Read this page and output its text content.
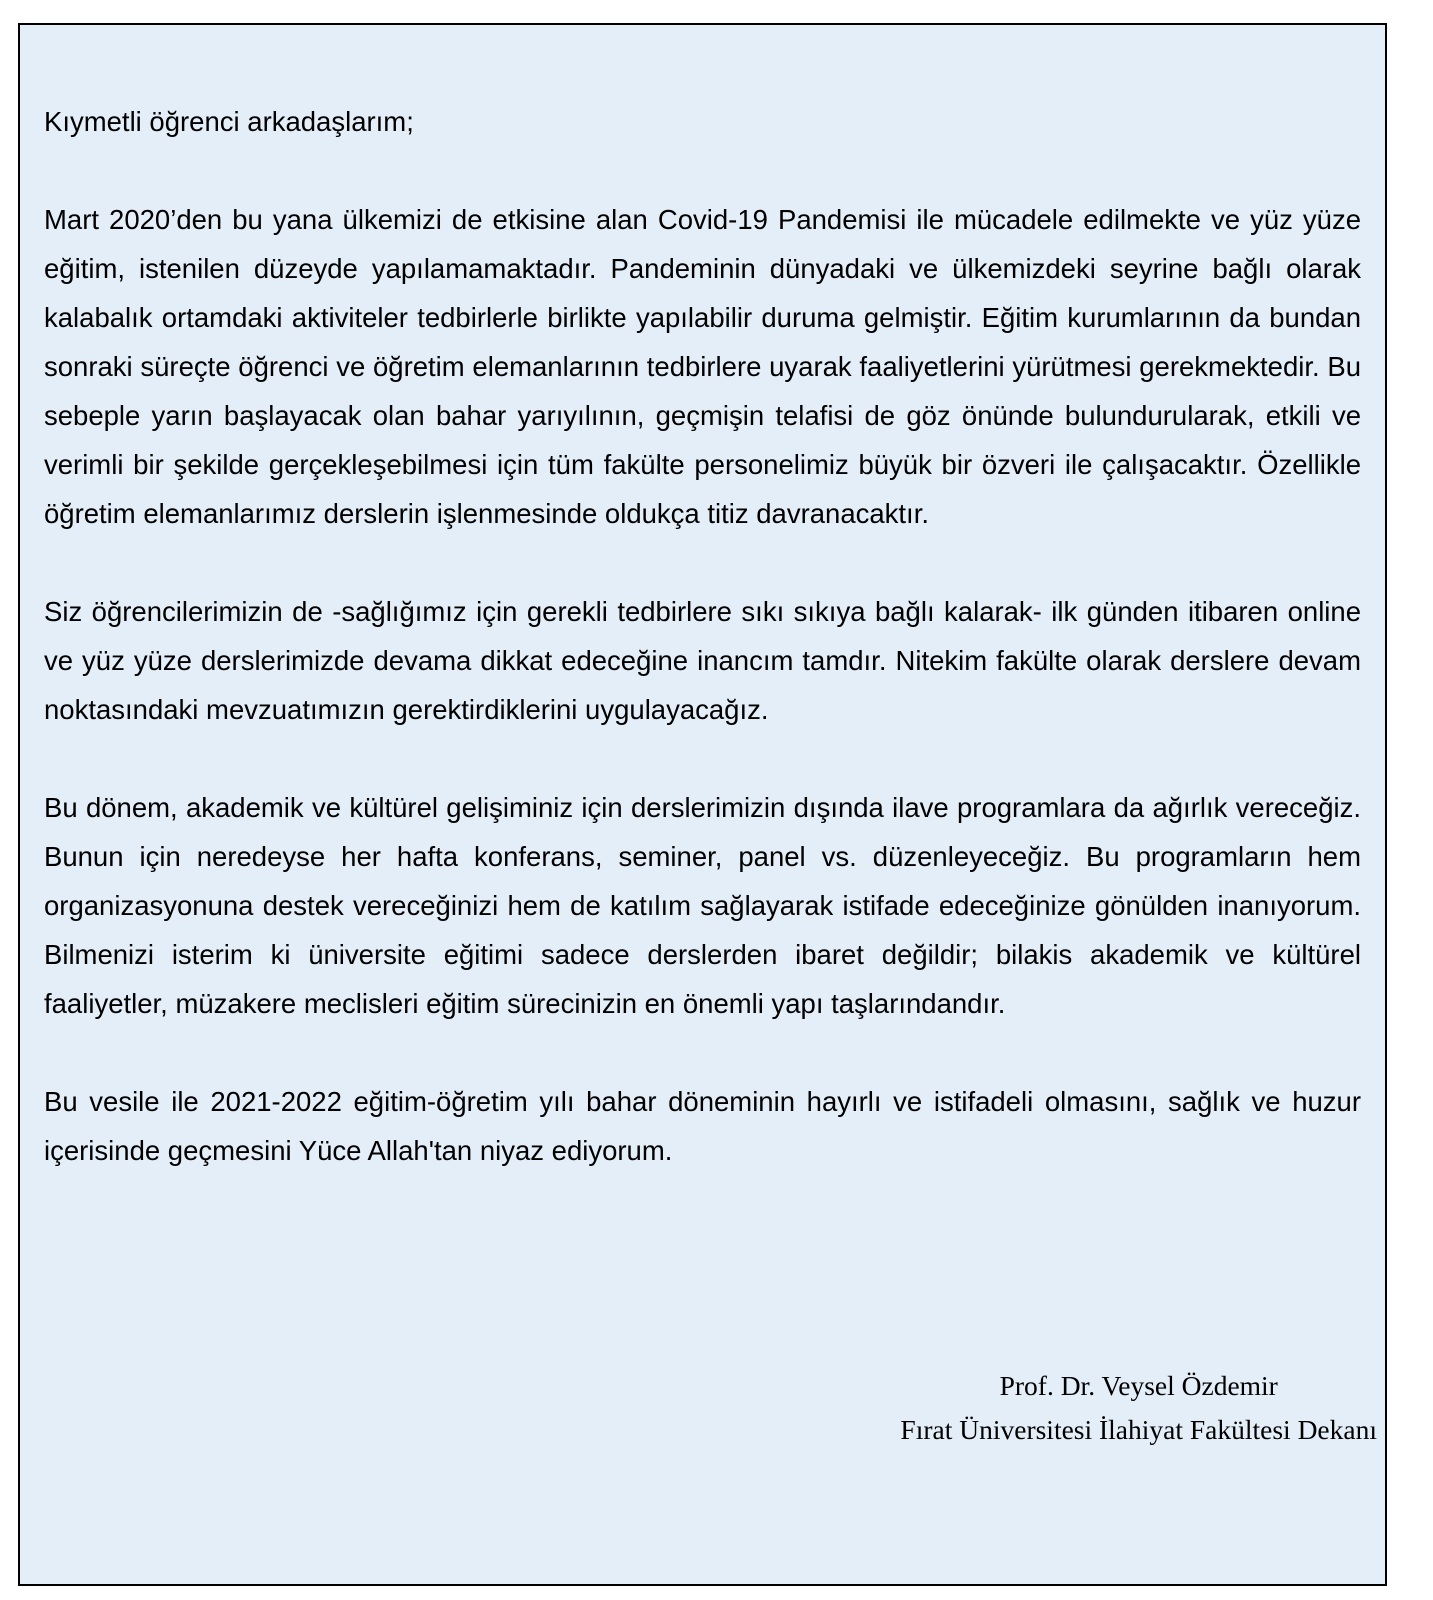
Kıymetli öğrenci arkadaşlarım;

Mart 2020’den bu yana ülkemizi de etkisine alan Covid-19 Pandemisi ile mücadele edilmekte ve yüz yüze eğitim, istenilen düzeyde yapılamamaktadır. Pandeminin dünyadaki ve ülkemizdeki seyrine bağlı olarak kalabalık ortamdaki aktiviteler tedbirlerle birlikte yapılabilir duruma gelmiştir. Eğitim kurumlarının da bundan sonraki süreçte öğrenci ve öğretim elemanlarının tedbirlere uyarak faaliyetlerini yürütmesi gerekmektedir. Bu sebeple yarın başlayacak olan bahar yarıyılının, geçmişin telafisi de göz önünde bulundurularak, etkili ve verimli bir şekilde gerçekleşebilmesi için tüm fakülte personelimiz büyük bir özveri ile çalışacaktır. Özellikle öğretim elemanlarımız derslerin işlenmesinde oldukça titiz davranacaktır.

Siz öğrencilerimizin de -sağlığımız için gerekli tedbirlere sıkı sıkıya bağlı kalarak- ilk günden itibaren online ve yüz yüze derslerimizde devama dikkat edeceğine inancım tamdır. Nitekim fakülte olarak derslere devam noktasındaki mevzuatımızın gerektirdiklerini uygulayacağız.

Bu dönem, akademik ve kültürel gelişiminiz için derslerimizin dışında ilave programlara da ağırlık vereceğiz. Bunun için neredeyse her hafta konferans, seminer, panel vs. düzenleyeceğiz. Bu programların hem organizasyonuna destek vereceğinizi hem de katılım sağlayarak istifade edeceğinize gönülden inanıyorum. Bilmenizi isterim ki üniversite eğitimi sadece derslerden ibaret değildir; bilakis akademik ve kültürel faaliyetler, müzakere meclisleri eğitim sürecinizin en önemli yapı taşlarındandır.

Bu vesile ile 2021-2022 eğitim-öğretim yılı bahar döneminin hayırlı ve istifadeli olmasını, sağlık ve huzur içerisinde geçmesini Yüce Allah'tan niyaz ediyorum.

Prof. Dr. Veysel Özdemir
Fırat Üniversitesi İlahiyat Fakültesi Dekanı
